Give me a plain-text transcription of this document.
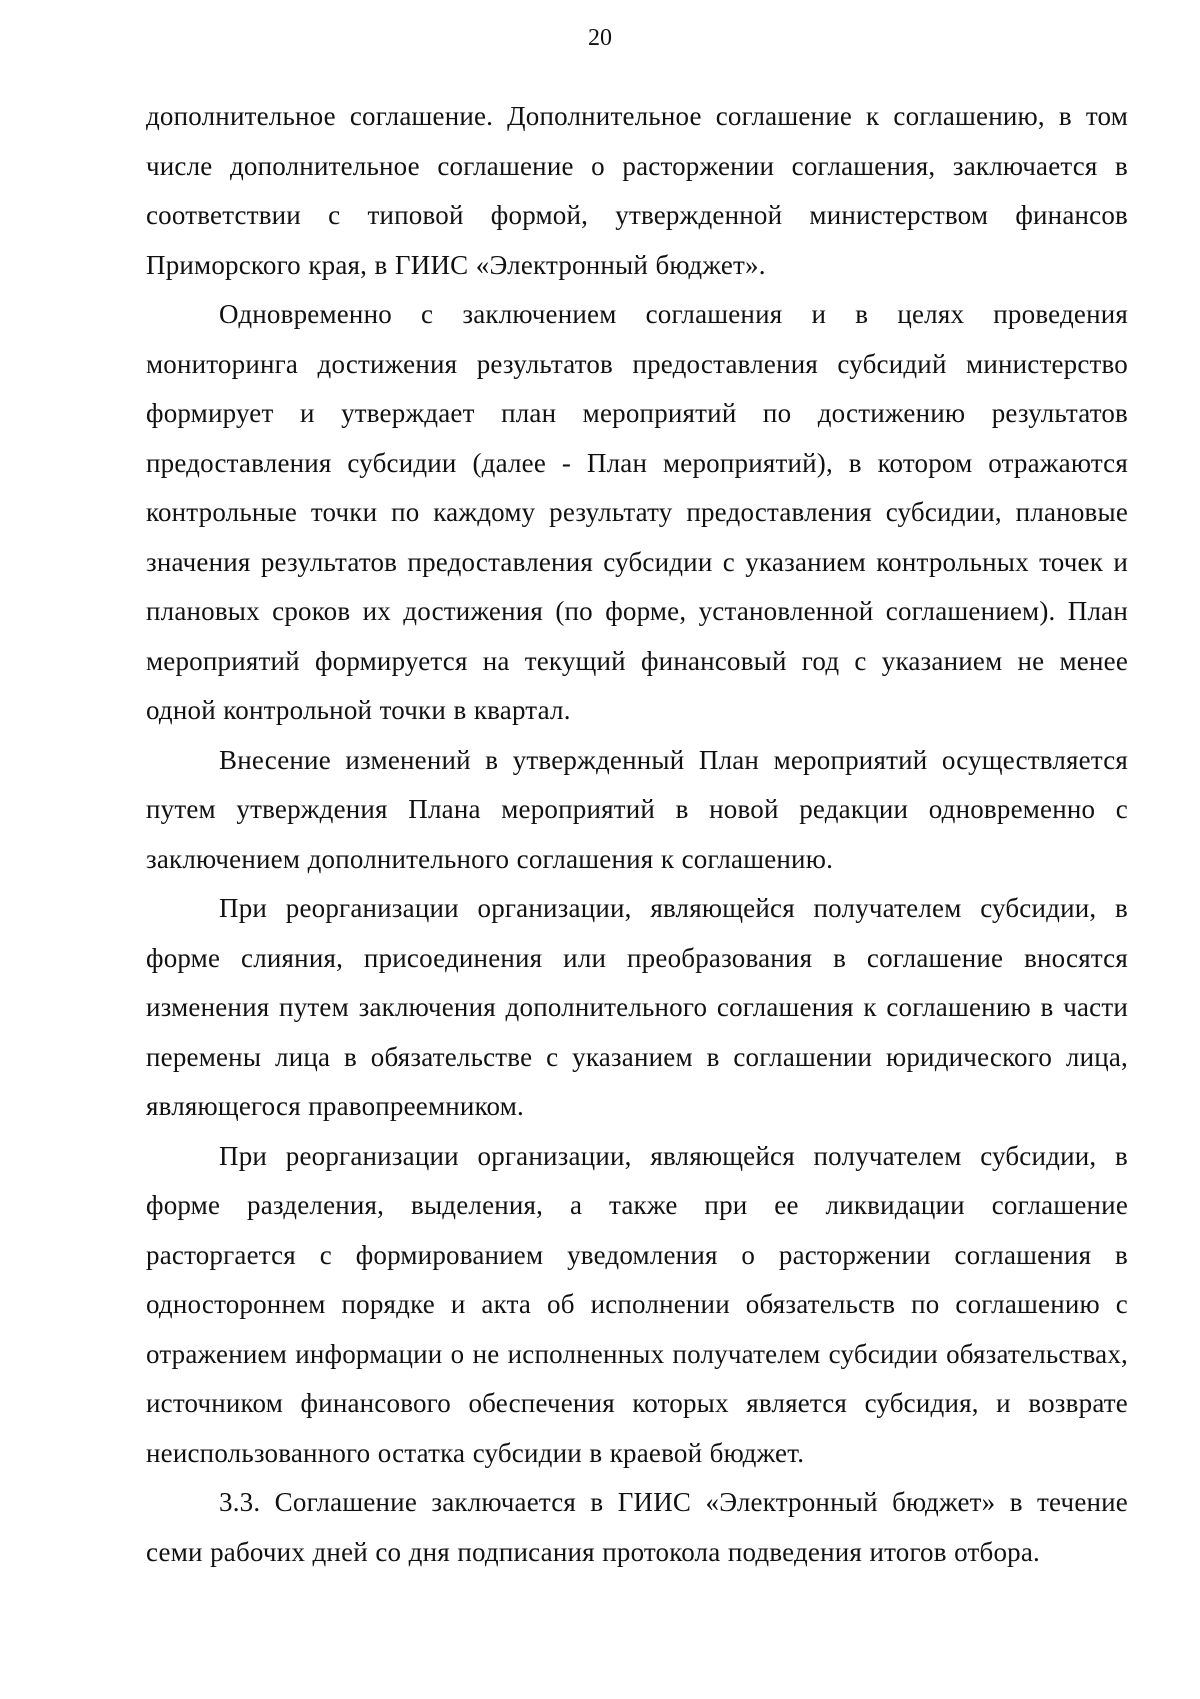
20

дополнительное соглашение. Дополнительное соглашение к соглашению, в том числе дополнительное соглашение о расторжении соглашения, заключается в соответствии с типовой формой, утвержденной министерством финансов Приморского края, в ГИИС «Электронный бюджет».

Одновременно с заключением соглашения и в целях проведения мониторинга достижения результатов предоставления субсидий министерство формирует и утверждает план мероприятий по достижению результатов предоставления субсидии (далее - План мероприятий), в котором отражаются контрольные точки по каждому результату предоставления субсидии, плановые значения результатов предоставления субсидии с указанием контрольных точек и плановых сроков их достижения (по форме, установленной соглашением). План мероприятий формируется на текущий финансовый год с указанием не менее одной контрольной точки в квартал.

Внесение изменений в утвержденный План мероприятий осуществляется путем утверждения Плана мероприятий в новой редакции одновременно с заключением дополнительного соглашения к соглашению.

При реорганизации организации, являющейся получателем субсидии, в форме слияния, присоединения или преобразования в соглашение вносятся изменения путем заключения дополнительного соглашения к соглашению в части перемены лица в обязательстве с указанием в соглашении юридического лица, являющегося правопреемником.

При реорганизации организации, являющейся получателем субсидии, в форме разделения, выделения, а также при ее ликвидации соглашение расторгается с формированием уведомления о расторжении соглашения в одностороннем порядке и акта об исполнении обязательств по соглашению с отражением информации о не исполненных получателем субсидии обязательствах, источником финансового обеспечения которых является субсидия, и возврате неиспользованного остатка субсидии в краевой бюджет.

3.3. Соглашение заключается в ГИИС «Электронный бюджет» в течение семи рабочих дней со дня подписания протокола подведения итогов отбора.
